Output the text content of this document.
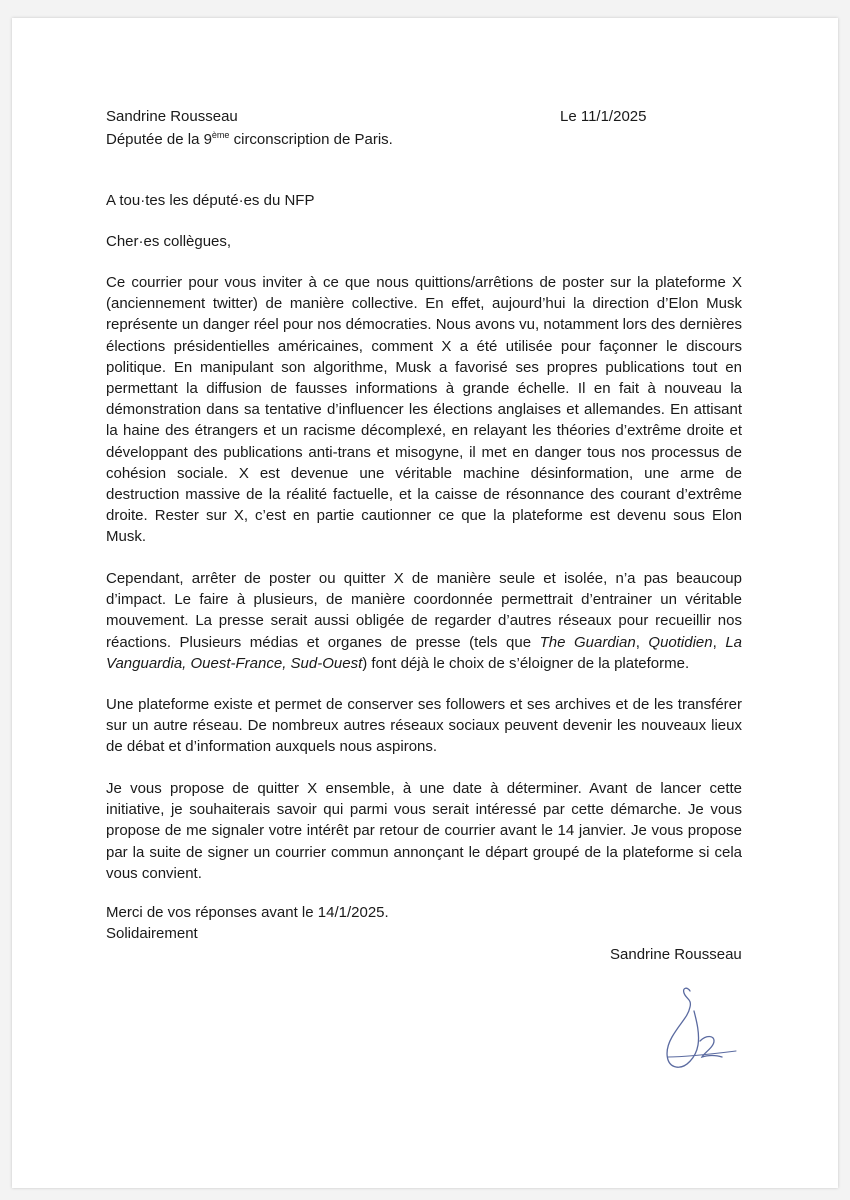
Sandrine Rousseau
Députée de la 9ème circonscription de Paris.
Le 11/1/2025
A tou·tes les député·es du NFP
Cher·es collègues,
Ce courrier pour vous inviter à ce que nous quittions/arrêtions de poster sur la plateforme X (anciennement twitter) de manière collective. En effet, aujourd’hui la direction d’Elon Musk représente un danger réel pour nos démocraties. Nous avons vu, notamment lors des dernières élections présidentielles américaines, comment X a été utilisée pour façonner le discours politique. En manipulant son algorithme, Musk a favorisé ses propres publications tout en permettant la diffusion de fausses informations à grande échelle. Il en fait à nouveau la démonstration dans sa tentative d’influencer les élections anglaises et allemandes. En attisant la haine des étrangers et un racisme décomplexé, en relayant les théories d’extrême droite et développant des publications anti-trans et misogyne, il met en danger tous nos processus de cohésion sociale. X est devenue une véritable machine désinformation, une arme de destruction massive de la réalité factuelle, et la caisse de résonnance des courant d’extrême droite. Rester sur X, c’est en partie cautionner ce que la plateforme est devenu sous Elon Musk.
Cependant, arrêter de poster ou quitter X de manière seule et isolée, n’a pas beaucoup d’impact. Le faire à plusieurs, de manière coordonnée permettrait d’entrainer un véritable mouvement. La presse serait aussi obligée de regarder d’autres réseaux pour recueillir nos réactions. Plusieurs médias et organes de presse (tels que The Guardian, Quotidien, La Vanguardia, Ouest-France, Sud-Ouest) font déjà le choix de s’éloigner de la plateforme.
Une plateforme existe et permet de conserver ses followers et ses archives et de les transférer sur un autre réseau. De nombreux autres réseaux sociaux peuvent devenir les nouveaux lieux de débat et d’information auxquels nous aspirons.
Je vous propose de quitter X ensemble, à une date à déterminer. Avant de lancer cette initiative, je souhaiterais savoir qui parmi vous serait intéressé par cette démarche. Je vous propose de me signaler votre intérêt par retour de courrier avant le 14 janvier. Je vous propose par la suite de signer un courrier commun annonçant le départ groupé de la plateforme si cela vous convient.
Merci de vos réponses avant le 14/1/2025.
Solidairement
Sandrine Rousseau
